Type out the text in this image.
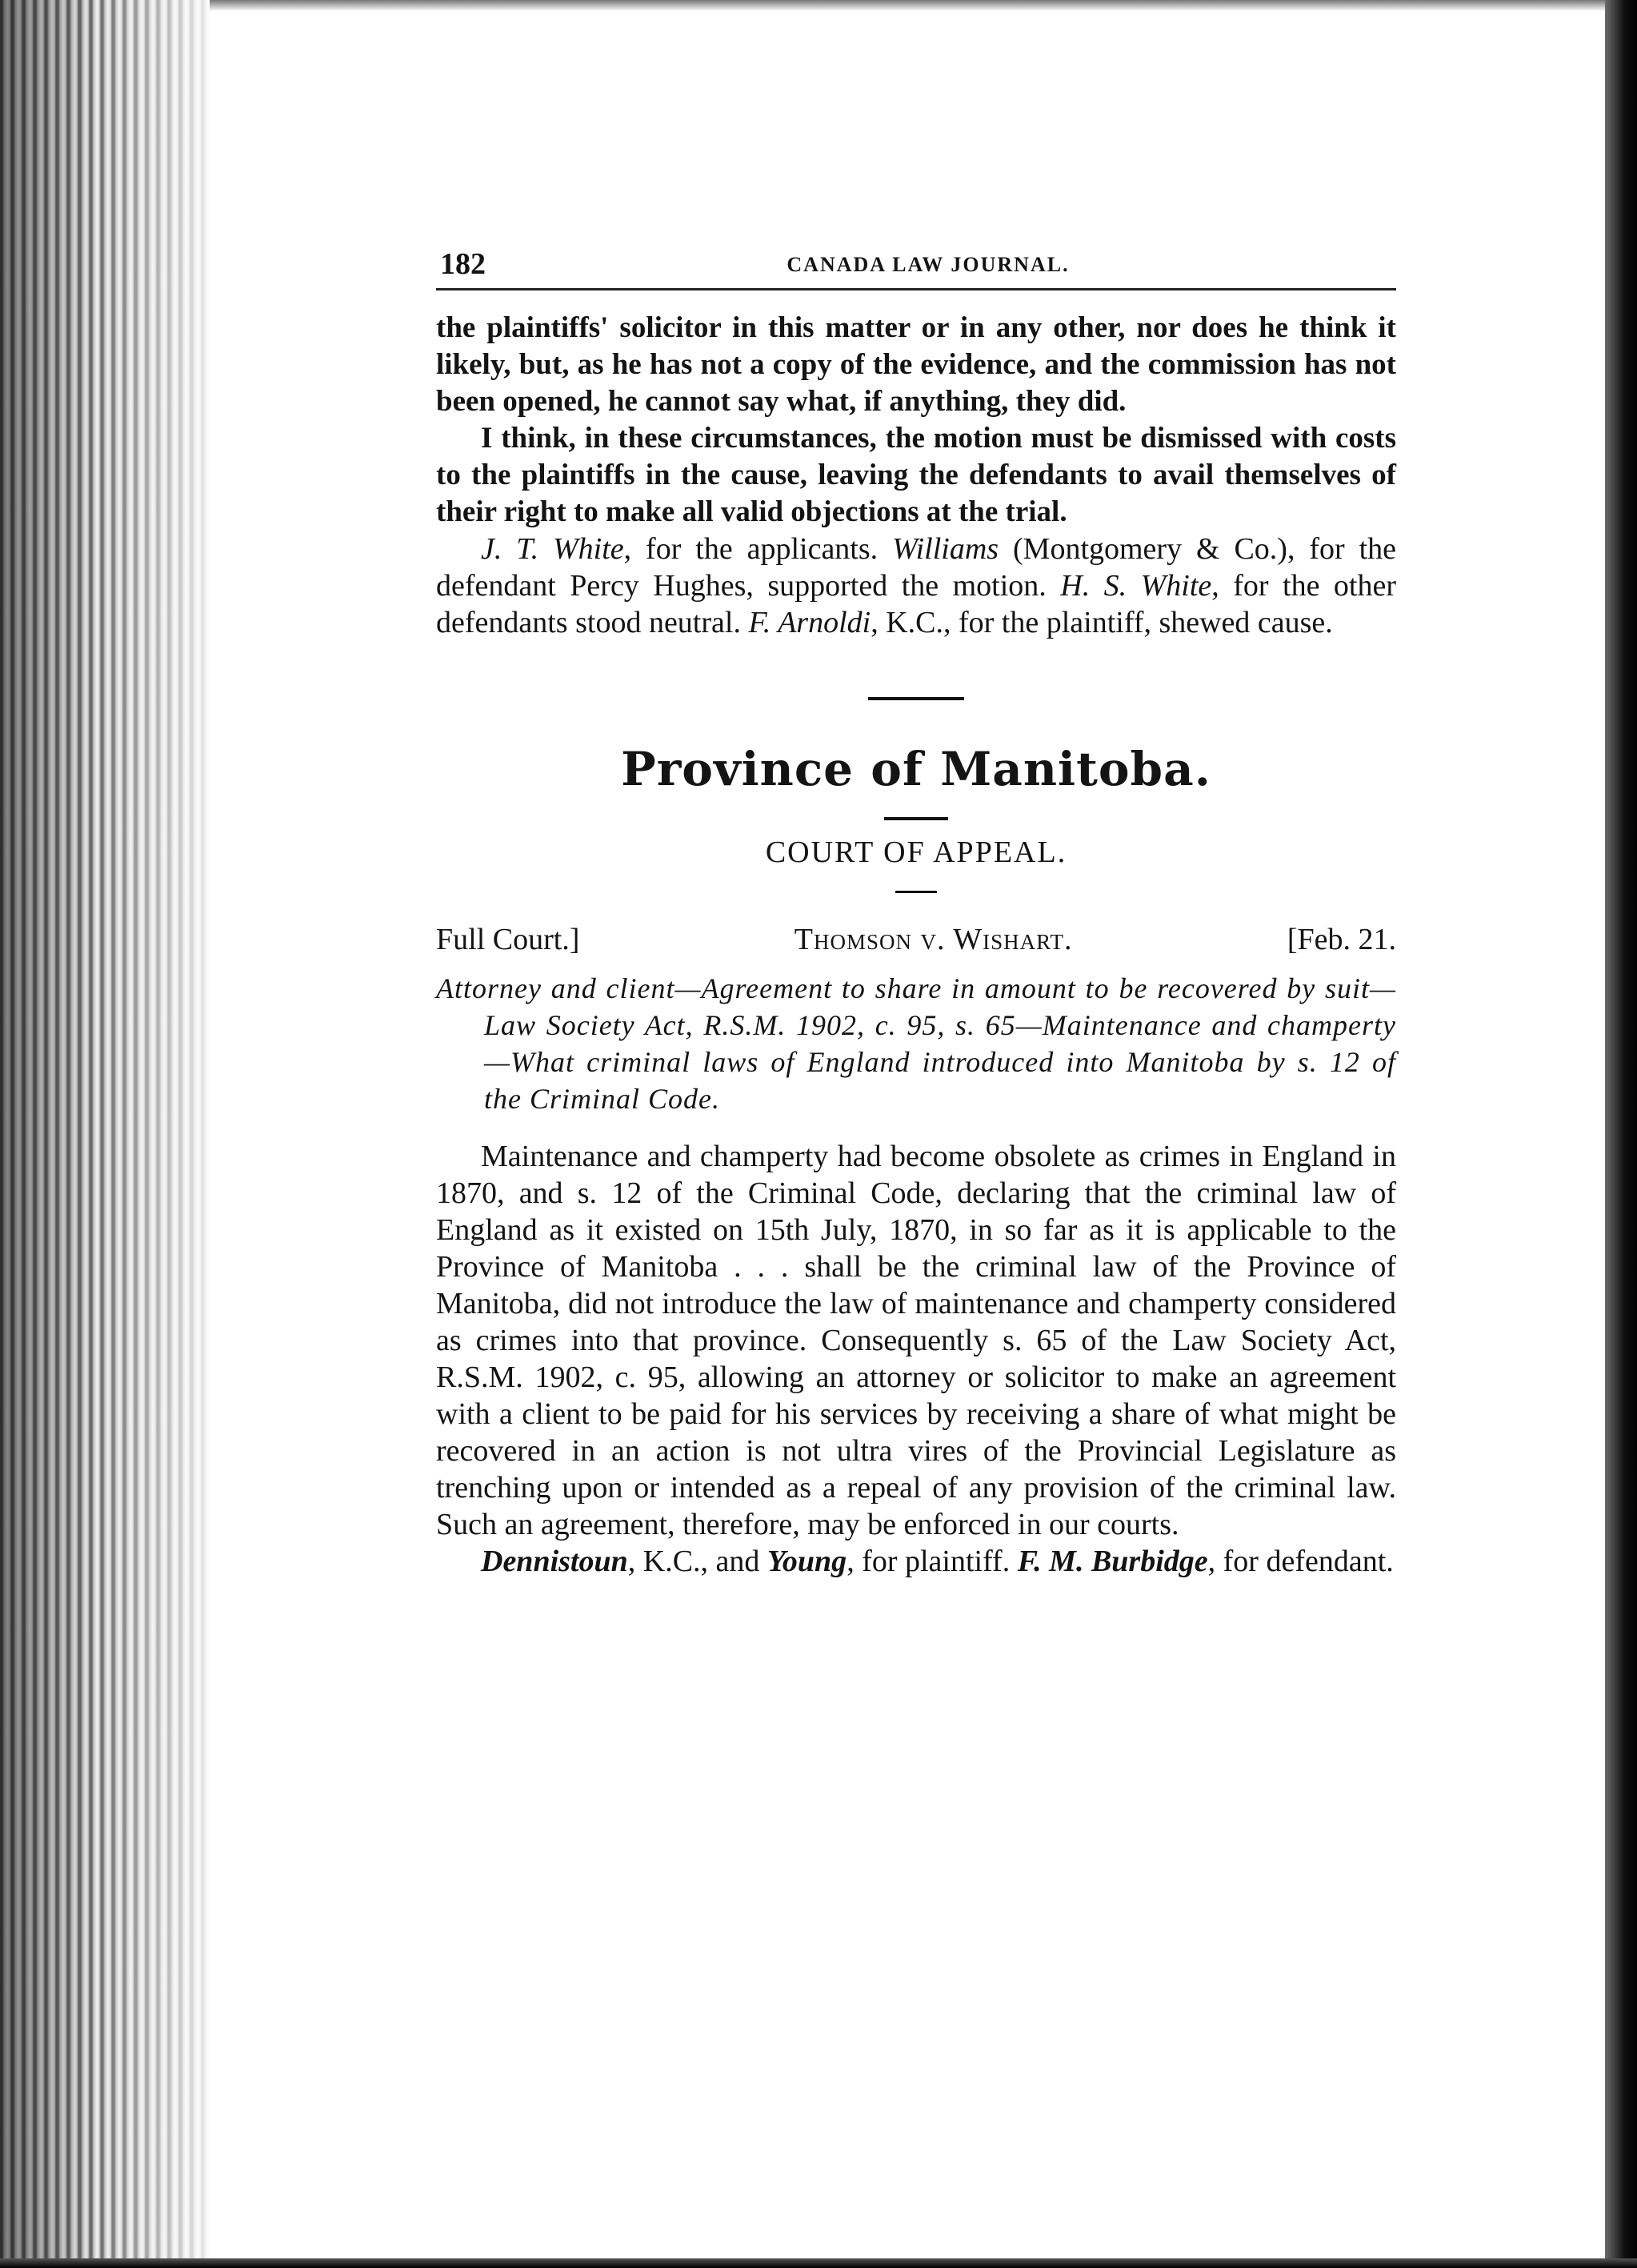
182	CANADA LAW JOURNAL.

the plaintiffs' solicitor in this matter or in any other, nor does he think it likely, but, as he has not a copy of the evidence, and the commission has not been opened, he cannot say what, if anything, they did.

I think, in these circumstances, the motion must be dismissed with costs to the plaintiffs in the cause, leaving the defendants to avail themselves of their right to make all valid objections at the trial.

J. T. White, for the applicants. Williams (Montgomery & Co.), for the defendant Percy Hughes, supported the motion. H. S. White, for the other defendants stood neutral. F. Arnoldi, K.C., for the plaintiff, shewed cause.

Province of Manitoba.
COURT OF APPEAL.
Full Court.]	Thomson v. Wishart.	[Feb. 21.

Attorney and client—Agreement to share in amount to be recovered by suit—Law Society Act, R.S.M. 1902, c. 95, s. 65—Maintenance and champerty—What criminal laws of England introduced into Manitoba by s. 12 of the Criminal Code.

Maintenance and champerty had become obsolete as crimes in England in 1870, and s. 12 of the Criminal Code, declaring that the criminal law of England as it existed on 15th July, 1870, in so far as it is applicable to the Province of Manitoba . . . shall be the criminal law of the Province of Manitoba, did not introduce the law of maintenance and champerty considered as crimes into that province. Consequently s. 65 of the Law Society Act, R.S.M. 1902, c. 95, allowing an attorney or solicitor to make an agreement with a client to be paid for his services by receiving a share of what might be recovered in an action is not ultra vires of the Provincial Legislature as trenching upon or intended as a repeal of any provision of the criminal law. Such an agreement, therefore, may be enforced in our courts.

Dennistoun, K.C., and Young, for plaintiff. F. M. Burbidge, for defendant.
